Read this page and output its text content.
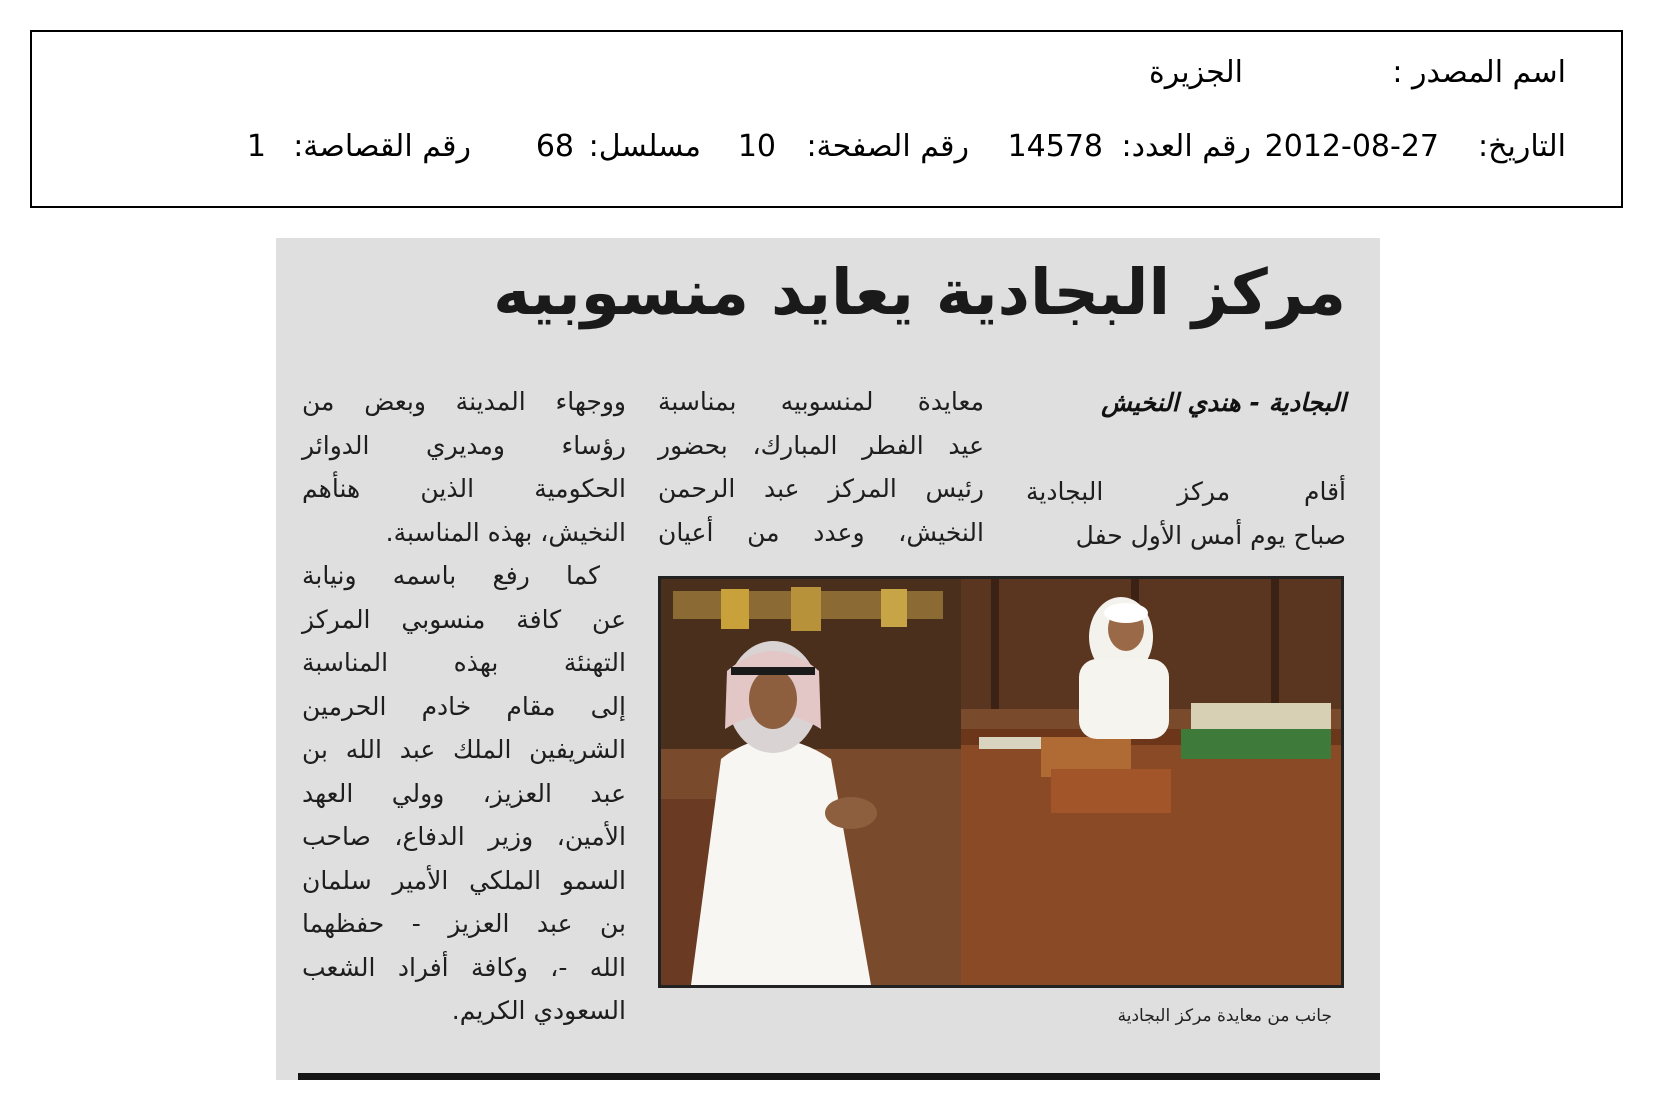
اسم المصدر :
الجزيرة
التاريخ:
2012-08-27
رقم العدد:
14578
رقم الصفحة:
10
مسلسل:
68
رقم القصاصة:
1
مركز البجادية يعايد منسوبيه
البجادية - هندي النخيش
أقام مركز البجادية
صباح يوم أمس الأول حفل
معايدة لمنسوبيه بمناسبة
عيد الفطر المبارك، بحضور
رئيس المركز عبد الرحمن
النخيش، وعدد من أعيان
ووجهاء المدينة وبعض من
رؤساء ومديري الدوائر
الحكومية الذين هنأهم
النخيش، بهذه المناسبة.
كما رفع باسمه ونيابة
عن كافة منسوبي المركز
التهنئة بهذه المناسبة
إلى مقام خادم الحرمين
الشريفين الملك عبد الله بن
عبد العزيز، وولي العهد
الأمين، وزير الدفاع، صاحب
السمو الملكي الأمير سلمان
بن عبد العزيز - حفظهما
الله -، وكافة أفراد الشعب
السعودي الكريم.	جانب من معايدة مركز البجادية
